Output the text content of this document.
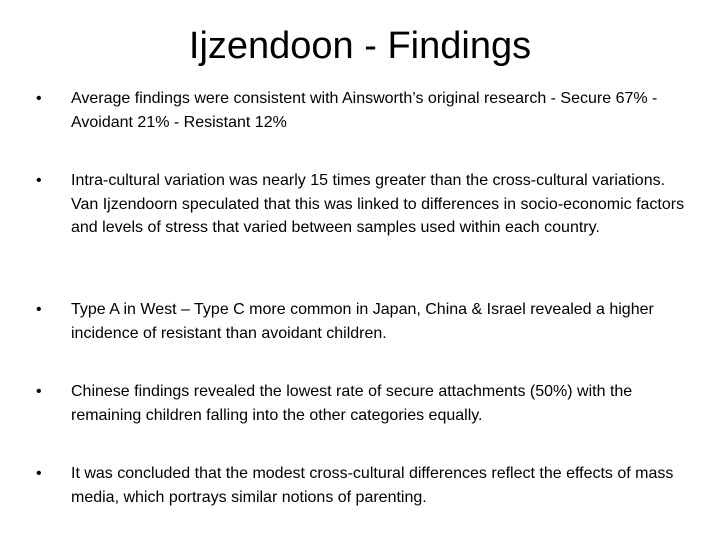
Ijzendoon - Findings
•	Average findings were consistent with Ainsworth’s original research - Secure 67% - Avoidant 21% - Resistant 12%
•	Intra-cultural variation was nearly 15 times greater than the cross-cultural variations. Van Ijzendoorn speculated that this was linked to differences in socio-economic factors and levels of stress that varied between samples used within each country.
•	Type A in West – Type C more common in Japan, China & Israel revealed a higher incidence of resistant than avoidant children.
•	Chinese findings revealed the lowest rate of secure attachments (50%) with the remaining children falling into the other categories equally.
•	It was concluded that the modest cross-cultural differences reflect the effects of mass media, which portrays similar notions of parenting.
